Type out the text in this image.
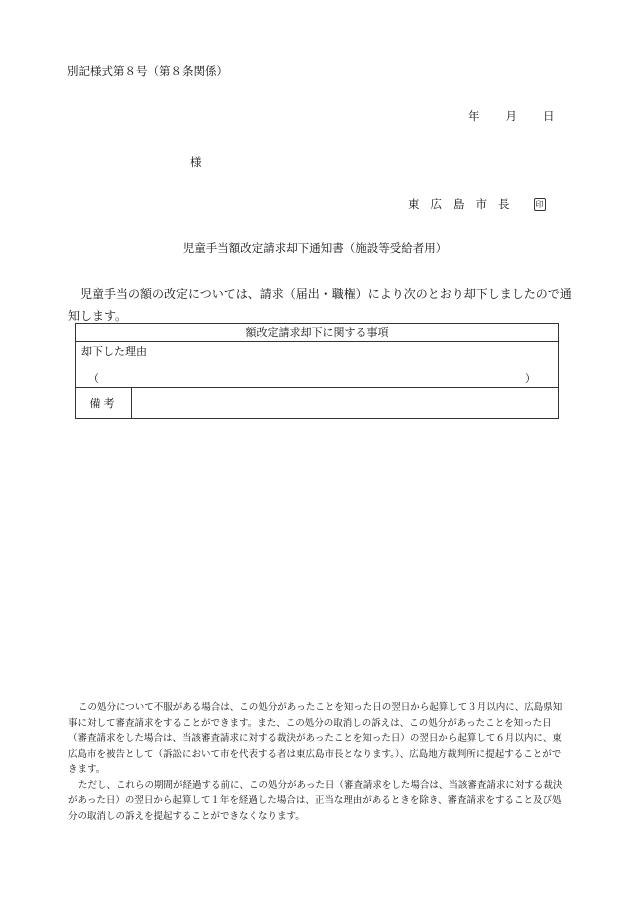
別記様式第８号（第８条関係）
年 月 日
様
東 広 島 市 長	印
児童手当額改定請求却下通知書（施設等受給者用）
児童手当の額の改定については、請求（届出・職権）により次のとおり却下しましたので通知します。
額改定請求却下に関する事項
却下した理由
（	）
備考

この処分について不服がある場合は、この処分があったことを知った日の翌日から起算して３月以内に、広島県知事に対して審査請求をすることができます。また、この処分の取消しの訴えは、この処分があったことを知った日（審査請求をした場合は、当該審査請求に対する裁決があったことを知った日）の翌日から起算して６月以内に、東広島市を被告として（訴訟において市を代表する者は東広島市長となります。）、広島地方裁判所に提起することができます。

ただし、これらの期間が経過する前に、この処分があった日（審査請求をした場合は、当該審査請求に対する裁決があった日）の翌日から起算して１年を経過した場合は、正当な理由があるときを除き、審査請求をすること及び処分の取消しの訴えを提起することができなくなります。
